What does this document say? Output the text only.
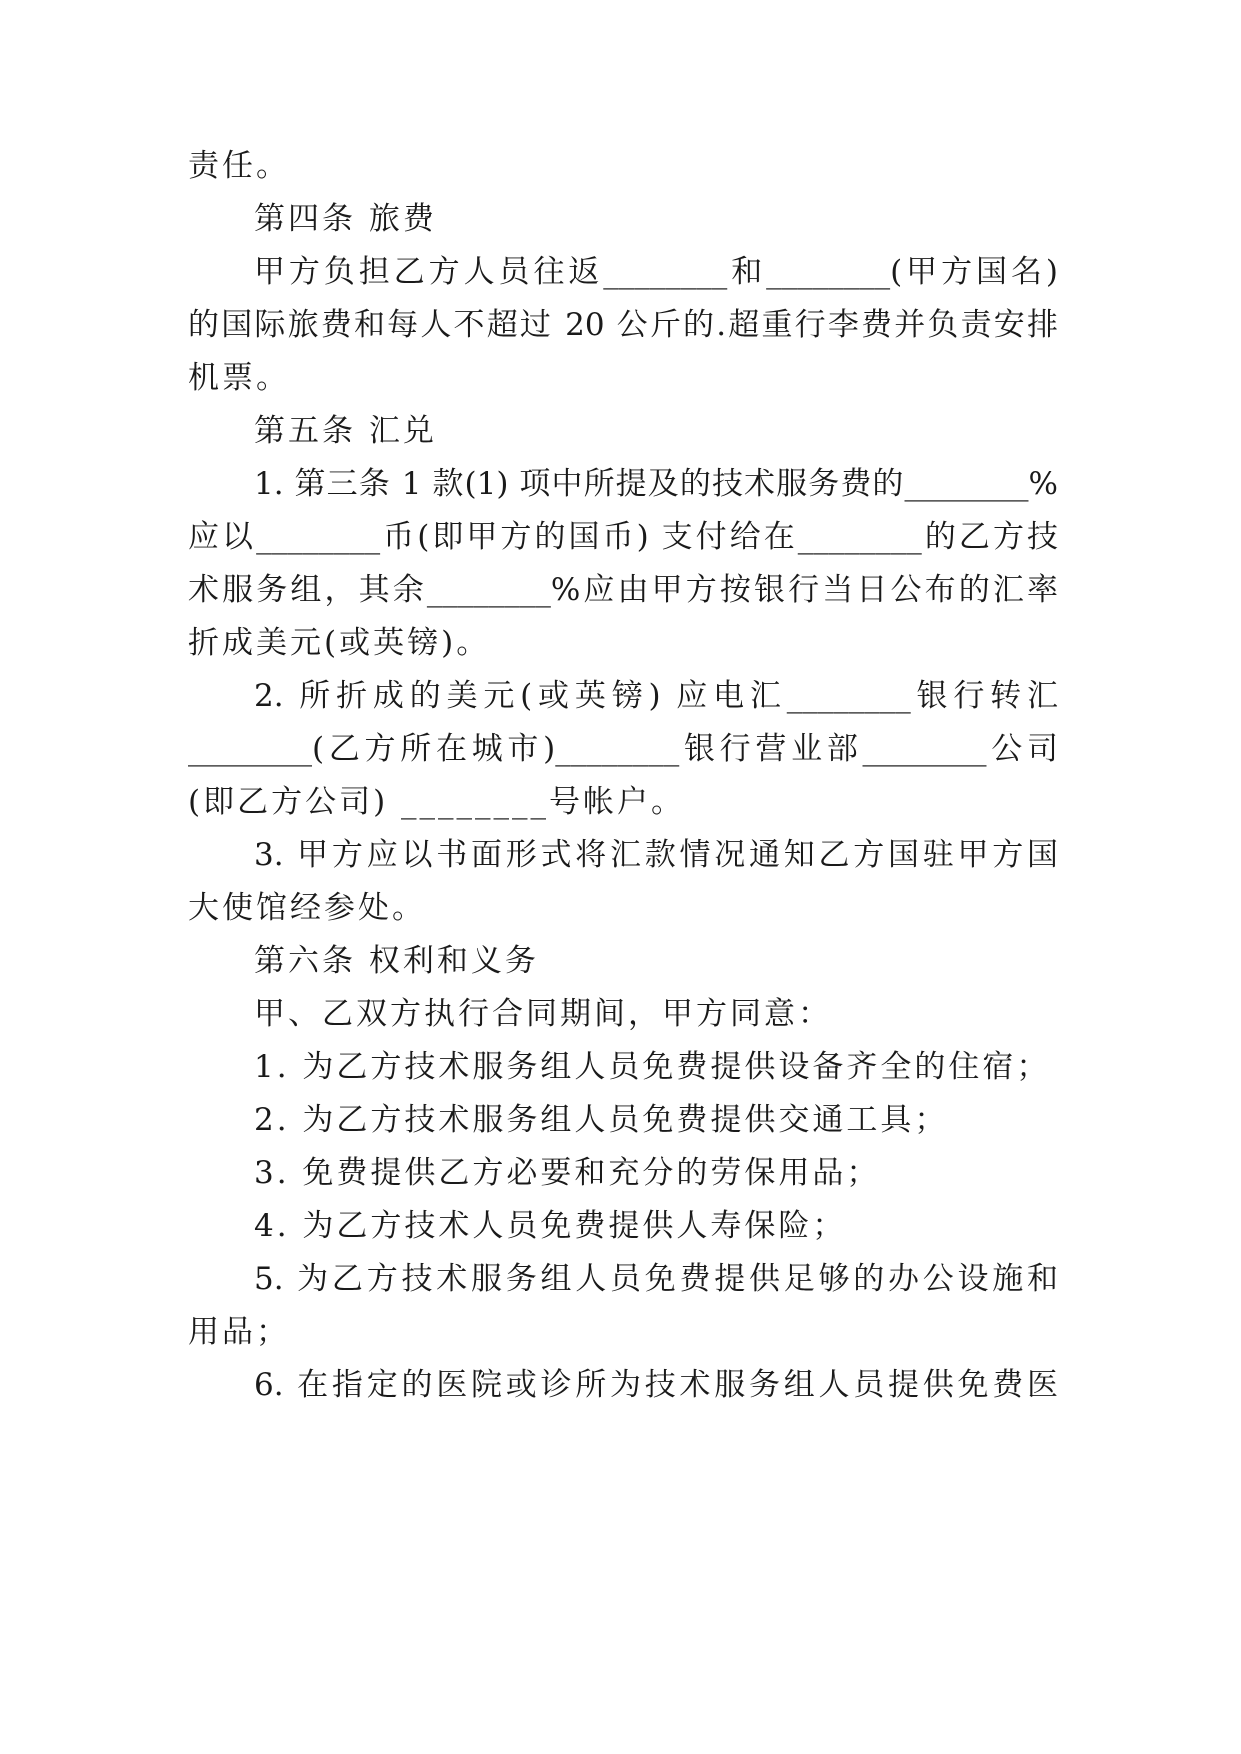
责任。
第四条 旅费
甲方负担乙方人员往返________和________(甲方国名)
的国际旅费和每人不超过 20 公斤的.超重行李费并负责安排
机票。
第五条 汇兑
1. 第三条 1 款(1) 项中所提及的技术服务费的________%
应以________币(即甲方的国币) 支付给在________的乙方技
术服务组，其余________%应由甲方按银行当日公布的汇率
折成美元(或英镑)。
2. 所折成的美元(或英镑) 应电汇________银行转汇
________(乙方所在城市)________银行营业部________公司
(即乙方公司) ________号帐户。
3. 甲方应以书面形式将汇款情况通知乙方国驻甲方国
大使馆经参处。
第六条 权利和义务
甲、乙双方执行合同期间，甲方同意：
1. 为乙方技术服务组人员免费提供设备齐全的住宿；
2. 为乙方技术服务组人员免费提供交通工具；
3. 免费提供乙方必要和充分的劳保用品；
4. 为乙方技术人员免费提供人寿保险；
5. 为乙方技术服务组人员免费提供足够的办公设施和
用品；
6. 在指定的医院或诊所为技术服务组人员提供免费医
